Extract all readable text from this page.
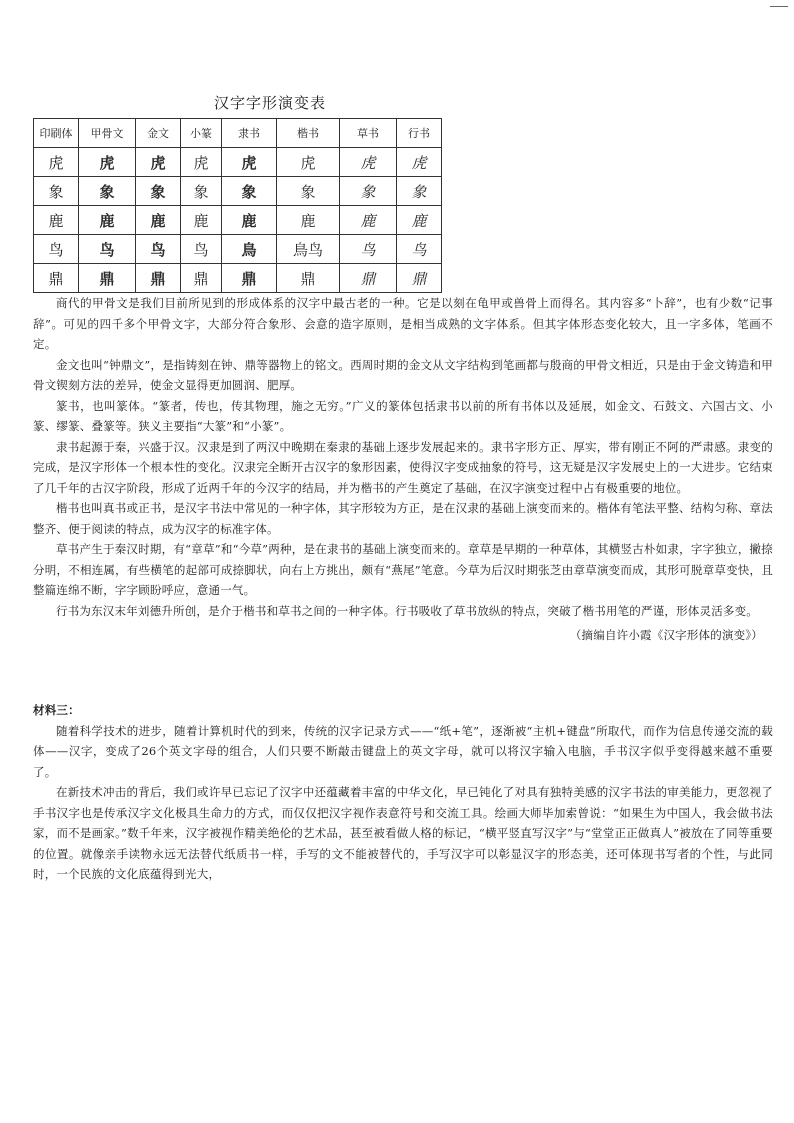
汉字字形演变表
印刷体	甲骨文	金文	小篆	隶书	楷书	草书	行书
虎	虎	虎	虎	虎	虎	虎	虎
象	象	象	象	象	象	象	象
鹿	鹿	鹿	鹿	鹿	鹿	鹿	鹿
鸟	鸟	鸟	鸟	鳥	鳥鸟	鸟	鸟
鼎	鼎	鼎	鼎	鼎	鼎	鼎	鼎

商代的甲骨文是我们目前所见到的形成体系的汉字中最古老的一种。它是以刻在龟甲或兽骨上而得名。其内容多“卜辞”，也有少数“记事辞”。可见的四千多个甲骨文字，大部分符合象形、会意的造字原则，是相当成熟的文字体系。但其字体形态变化较大，且一字多体，笔画不定。

金文也叫“钟鼎文”，是指铸刻在钟、鼎等器物上的铭文。西周时期的金文从文字结构到笔画都与殷商的甲骨文相近，只是由于金文铸造和甲骨文锲刻方法的差异，使金文显得更加圆润、肥厚。

篆书，也叫篆体。“篆者，传也，传其物理，施之无穷。”广义的篆体包括隶书以前的所有书体以及延展，如金文、石鼓文、六国古文、小篆、缪篆、叠篆等。狭义主要指“大篆”和“小篆”。

隶书起源于秦，兴盛于汉。汉隶是到了两汉中晚期在秦隶的基础上逐步发展起来的。隶书字形方正、厚实，带有刚正不阿的严肃感。隶变的完成，是汉字形体一个根本性的变化。汉隶完全断开古汉字的象形因素，使得汉字变成抽象的符号，这无疑是汉字发展史上的一大进步。它结束了几千年的古汉字阶段，形成了近两千年的今汉字的结局，并为楷书的产生奠定了基础，在汉字演变过程中占有极重要的地位。

楷书也叫真书或正书，是汉字书法中常见的一种字体，其字形较为方正，是在汉隶的基础上演变而来的。楷体有笔法平整、结构匀称、章法整齐、便于阅读的特点，成为汉字的标准字体。

草书产生于秦汉时期，有“章草”和“今草”两种，是在隶书的基础上演变而来的。章草是早期的一种草体，其横竖古朴如隶，字字独立，撇捺分明，不相连属，有些横笔的起部可成捺脚状，向右上方挑出，颇有“燕尾”笔意。今草为后汉时期张芝由章草演变而成，其形可脱章草变快，且整篇连绵不断，字字顾盼呼应，意通一气。

行书为东汉末年刘德升所创，是介于楷书和草书之间的一种字体。行书吸收了草书放纵的特点，突破了楷书用笔的严谨，形体灵活多变。

（摘编自许小霞《汉字形体的演变》）

材料三：

随着科学技术的进步，随着计算机时代的到来，传统的汉字记录方式——“纸+笔”，逐渐被“主机+键盘”所取代，而作为信息传递交流的载体——汉字，变成了26个英文字母的组合，人们只要不断敲击键盘上的英文字母，就可以将汉字输入电脑，手书汉字似乎变得越来越不重要了。

在新技术冲击的背后，我们或许早已忘记了汉字中还蕴藏着丰富的中华文化，早已钝化了对具有独特美感的汉字书法的审美能力，更忽视了手书汉字也是传承汉字文化极具生命力的方式，而仅仅把汉字视作表意符号和交流工具。绘画大师毕加索曾说：“如果生为中国人，我会做书法家，而不是画家。”数千年来，汉字被视作精美绝伦的艺术品，甚至被看做人格的标记，“横平竖直写汉字”与“堂堂正正做真人”被放在了同等重要的位置。就像亲手读物永远无法替代纸质书一样，手写的文不能被替代的，手写汉字可以彰显汉字的形态美，还可体现书写者的个性，与此同时，一个民族的文化底蕴得到光大，
